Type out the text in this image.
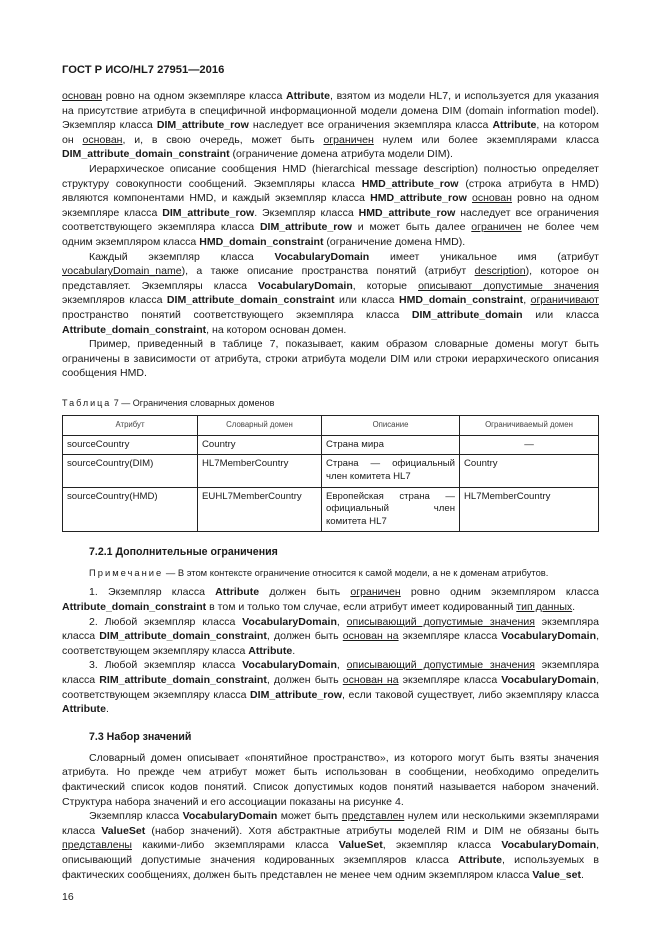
ГОСТ Р ИСО/HL7 27951—2016

основан ровно на одном экземпляре класса Attribute, взятом из модели HL7, и используется для указания на присутствие атрибута в специфичной информационной модели домена DIM (domain information model). Экземпляр класса DIM_attribute_row наследует все ограничения экземпляра класса Attribute, на котором он основан, и, в свою очередь, может быть ограничен нулем или более экземплярами класса DIM_attribute_domain_constraint (ограничение домена атрибута модели DIM).

Иерархическое описание сообщения HMD (hierarchical message description) полностью определяет структуру совокупности сообщений. Экземпляры класса HMD_attribute_row (строка атрибута в HMD) являются компонентами HMD, и каждый экземпляр класса HMD_attribute_row основан ровно на одном экземпляре класса DIM_attribute_row. Экземпляр класса HMD_attribute_row наследует все ограничения соответствующего экземпляра класса DIM_attribute_row и может быть далее ограничен не более чем одним экземпляром класса HMD_domain_constraint (ограничение домена HMD).

Каждый экземпляр класса VocabularyDomain имеет уникальное имя (атрибут vocabularyDomain_name), а также описание пространства понятий (атрибут description), которое он представляет. Экземпляры класса VocabularyDomain, которые описывают допустимые значения экземпляров класса DIM_attribute_domain_constraint или класса HMD_domain_constraint, ограничивают пространство понятий соответствующего экземпляра класса DIM_attribute_domain или класса Attribute_domain_constraint, на котором основан домен.

Пример, приведенный в таблице 7, показывает, каким образом словарные домены могут быть ограничены в зависимости от атрибута, строки атрибута модели DIM или строки иерархического описания сообщения HMD.

Таблица 7 — Ограничения словарных доменов
Атрибут	Словарный домен	Описание	Ограничиваемый домен
sourceCountry	Country	Страна мира	—
sourceCountry(DIM)	HL7MemberCountry	Страна — официальный член комитета HL7	Country
sourceCountry(HMD)	EUHL7MemberCountry	Европейская страна — официальный член комитета HL7	HL7MemberCountry
7.2.1 Дополнительные ограничения

Примечание — В этом контексте ограничение относится к самой модели, а не к доменам атрибутов.

1. Экземпляр класса Attribute должен быть ограничен ровно одним экземпляром класса Attribute_domain_constraint в том и только том случае, если атрибут имеет кодированный тип данных.

2. Любой экземпляр класса VocabularyDomain, описывающий допустимые значения экземпляра класса DIM_attribute_domain_constraint, должен быть основан на экземпляре класса VocabularyDomain, соответствующем экземпляру класса Attribute.

3. Любой экземпляр класса VocabularyDomain, описывающий допустимые значения экземпляра класса RIM_attribute_domain_constraint, должен быть основан на экземпляре класса VocabularyDomain, соответствующем экземпляру класса DIM_attribute_row, если таковой существует, либо экземпляру класса Attribute.

7.3 Набор значений

Словарный домен описывает «понятийное пространство», из которого могут быть взяты значения атрибута. Но прежде чем атрибут может быть использован в сообщении, необходимо определить фактический список кодов понятий. Список допустимых кодов понятий называется набором значений. Структура набора значений и его ассоциации показаны на рисунке 4.

Экземпляр класса VocabularyDomain может быть представлен нулем или несколькими экземплярами класса ValueSet (набор значений). Хотя абстрактные атрибуты моделей RIM и DIM не обязаны быть представлены какими-либо экземплярами класса ValueSet, экземпляр класса VocabularyDomain, описывающий допустимые значения кодированных экземпляров класса Attribute, используемых в фактических сообщениях, должен быть представлен не менее чем одним экземпляром класса Value_set.

16
